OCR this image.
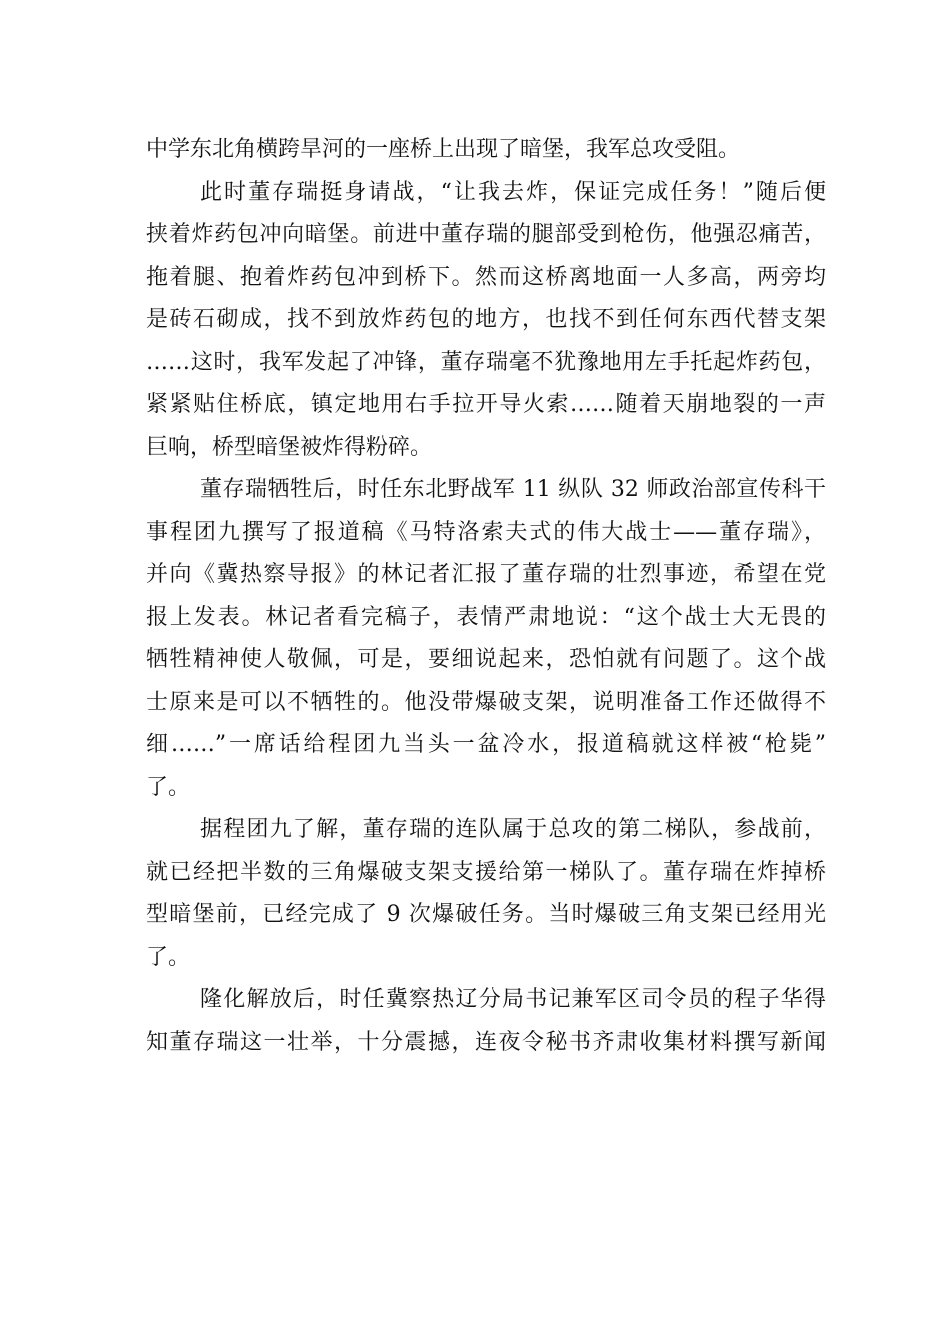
中学东北角横跨旱河的一座桥上出现了暗堡，我军总攻受阻。
此时董存瑞挺身请战，“让我去炸，保证完成任务！”随后便
挟着炸药包冲向暗堡。前进中董存瑞的腿部受到枪伤，他强忍痛苦，
拖着腿、抱着炸药包冲到桥下。然而这桥离地面一人多高，两旁均
是砖石砌成，找不到放炸药包的地方，也找不到任何东西代替支架
……这时，我军发起了冲锋，董存瑞毫不犹豫地用左手托起炸药包，
紧紧贴住桥底，镇定地用右手拉开导火索……随着天崩地裂的一声
巨响，桥型暗堡被炸得粉碎。
董存瑞牺牲后，时任东北野战军 11 纵队 32 师政治部宣传科干
事程团九撰写了报道稿《马特洛索夫式的伟大战士——董存瑞》，
并向《冀热察导报》的林记者汇报了董存瑞的壮烈事迹，希望在党
报上发表。林记者看完稿子，表情严肃地说：“这个战士大无畏的
牺牲精神使人敬佩，可是，要细说起来，恐怕就有问题了。这个战
士原来是可以不牺牲的。他没带爆破支架，说明准备工作还做得不
细……”一席话给程团九当头一盆冷水，报道稿就这样被“枪毙”
了。
据程团九了解，董存瑞的连队属于总攻的第二梯队，参战前，
就已经把半数的三角爆破支架支援给第一梯队了。董存瑞在炸掉桥
型暗堡前，已经完成了 9 次爆破任务。当时爆破三角支架已经用光
了。
隆化解放后，时任冀察热辽分局书记兼军区司令员的程子华得
知董存瑞这一壮举，十分震撼，连夜令秘书齐肃收集材料撰写新闻
